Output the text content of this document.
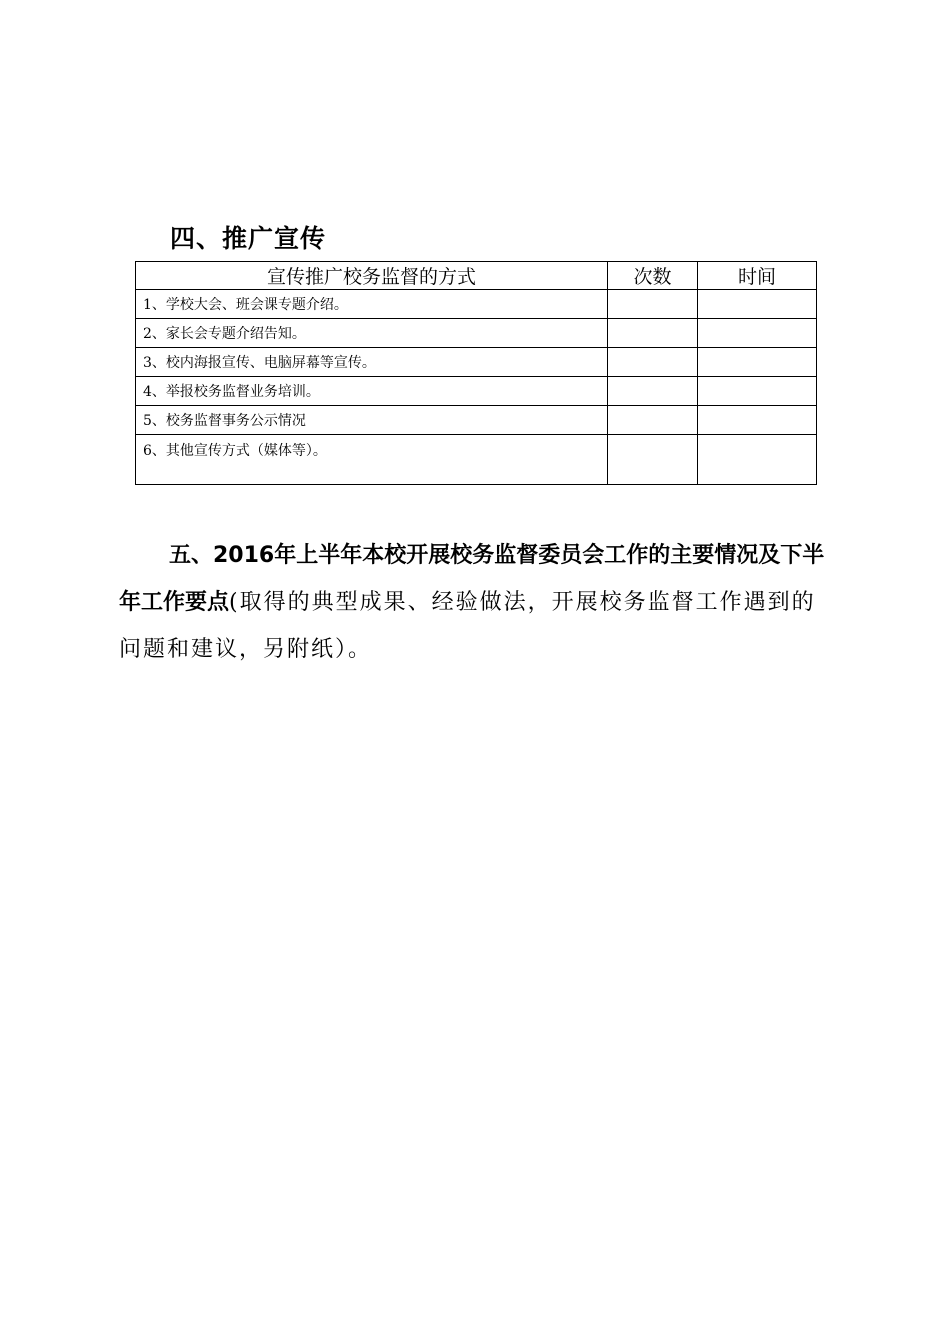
四、推广宣传
宣传推广校务监督的方式	次数	时间
1、学校大会、班会课专题介绍。		
2、家长会专题介绍告知。		
3、校内海报宣传、电脑屏幕等宣传。		
4、举报校务监督业务培训。		
5、校务监督事务公示情况		
6、其他宣传方式（媒体等）。		

五、2016年上半年本校开展校务监督委员会工作的主要情况及下半年工作要点(取得的典型成果、经验做法，开展校务监督工作遇到的问题和建议，另附纸）。
